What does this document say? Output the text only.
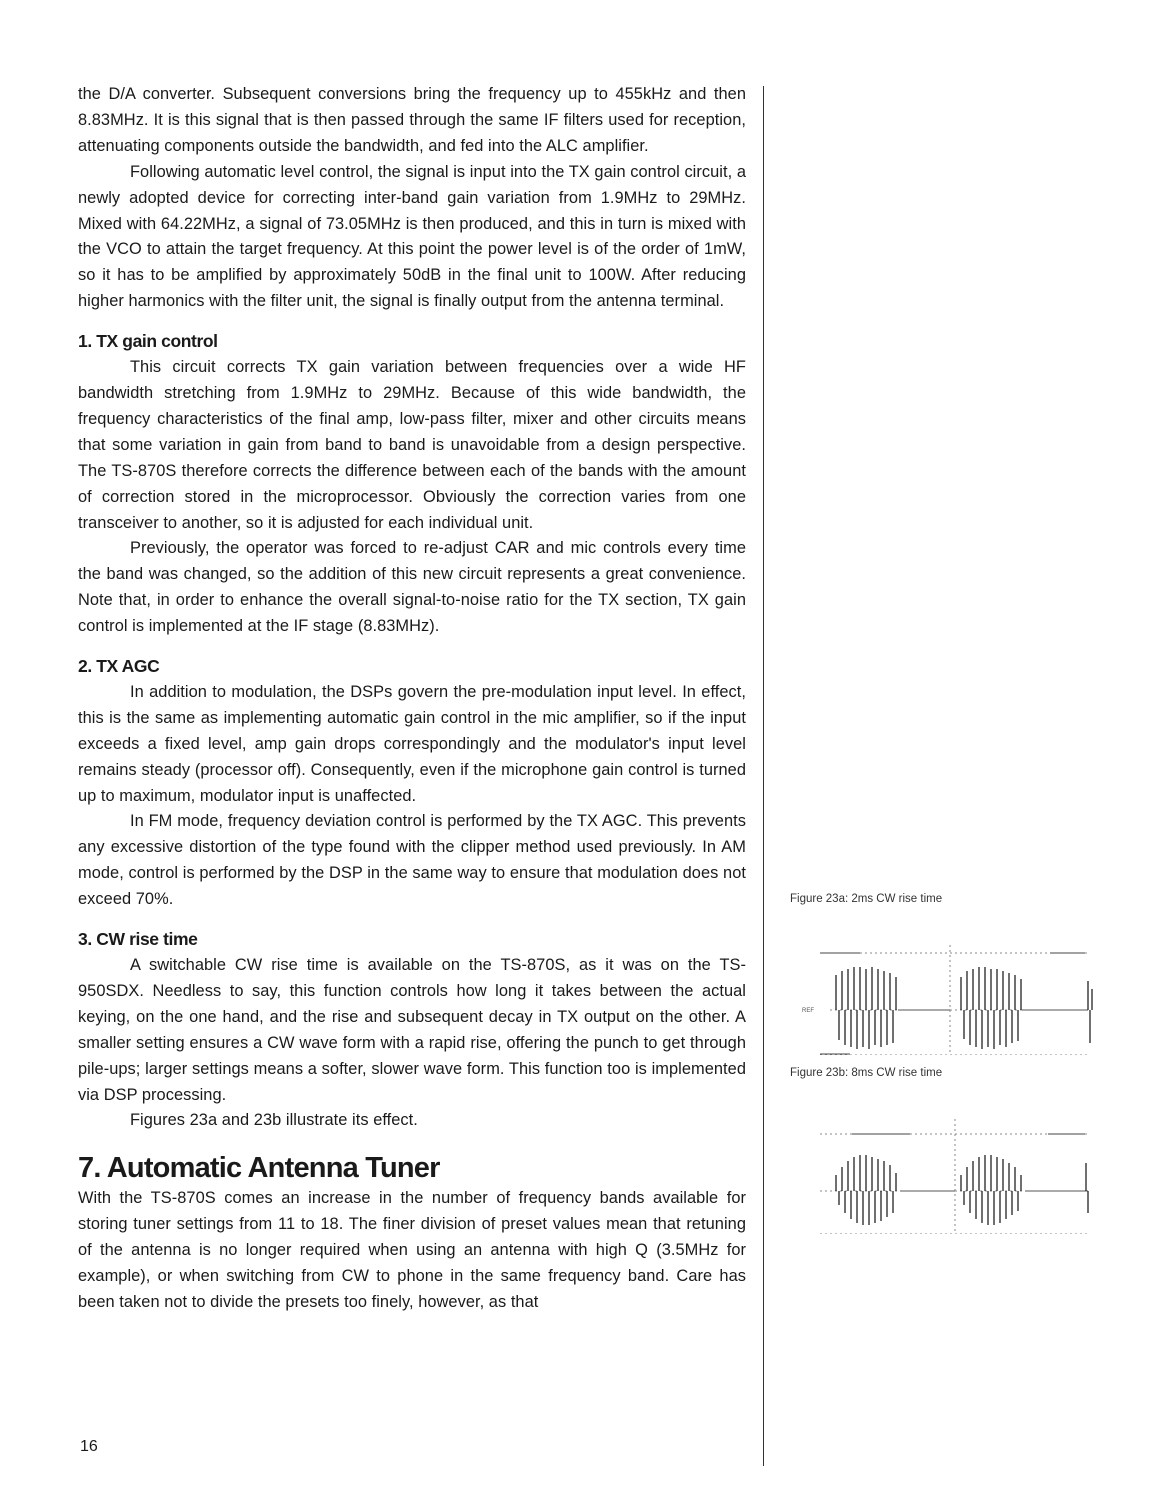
the D/A converter. Subsequent conversions bring the frequency up to 455kHz and then 8.83MHz. It is this signal that is then passed through the same IF filters used for reception, attenuating components outside the bandwidth, and fed into the ALC amplifier.

Following automatic level control, the signal is input into the TX gain control circuit, a newly adopted device for correcting inter-band gain variation from 1.9MHz to 29MHz. Mixed with 64.22MHz, a signal of 73.05MHz is then produced, and this in turn is mixed with the VCO to attain the target frequency. At this point the power level is of the order of 1mW, so it has to be amplified by approximately 50dB in the final unit to 100W. After reducing higher harmonics with the filter unit, the signal is finally output from the antenna terminal.

1. TX gain control

This circuit corrects TX gain variation between frequencies over a wide HF bandwidth stretching from 1.9MHz to 29MHz. Because of this wide bandwidth, the frequency characteristics of the final amp, low-pass filter, mixer and other circuits means that some variation in gain from band to band is unavoidable from a design perspective. The TS-870S therefore corrects the difference between each of the bands with the amount of correction stored in the microprocessor. Obviously the correction varies from one transceiver to another, so it is adjusted for each individual unit.

Previously, the operator was forced to re-adjust CAR and mic controls every time the band was changed, so the addition of this new circuit represents a great convenience. Note that, in order to enhance the overall signal-to-noise ratio for the TX section, TX gain control is implemented at the IF stage (8.83MHz).

2. TX AGC

In addition to modulation, the DSPs govern the pre-modulation input level. In effect, this is the same as implementing automatic gain control in the mic amplifier, so if the input exceeds a fixed level, amp gain drops correspondingly and the modulator's input level remains steady (processor off). Consequently, even if the microphone gain control is turned up to maximum, modulator input is unaffected.

In FM mode, frequency deviation control is performed by the TX AGC. This prevents any excessive distortion of the type found with the clipper method used previously. In AM mode, control is performed by the DSP in the same way to ensure that modulation does not exceed 70%.

3. CW rise time

A switchable CW rise time is available on the TS-870S, as it was on the TS-950SDX. Needless to say, this function controls how long it takes between the actual keying, on the one hand, and the rise and subsequent decay in TX output on the other. A smaller setting ensures a CW wave form with a rapid rise, offering the punch to get through pile-ups; larger settings means a softer, slower wave form. This function too is implemented via DSP processing.

Figures 23a and 23b illustrate its effect.

7. Automatic Antenna Tuner

With the TS-870S comes an increase in the number of frequency bands available for storing tuner settings from 11 to 18. The finer division of preset values mean that retuning of the antenna is no longer required when using an antenna with high Q (3.5MHz for example), or when switching from CW to phone in the same frequency band. Care has been taken not to divide the presets too finely, however, as that

Figure 23a: 2ms CW rise time
REF
Figure 23b: 8ms CW rise time
16
